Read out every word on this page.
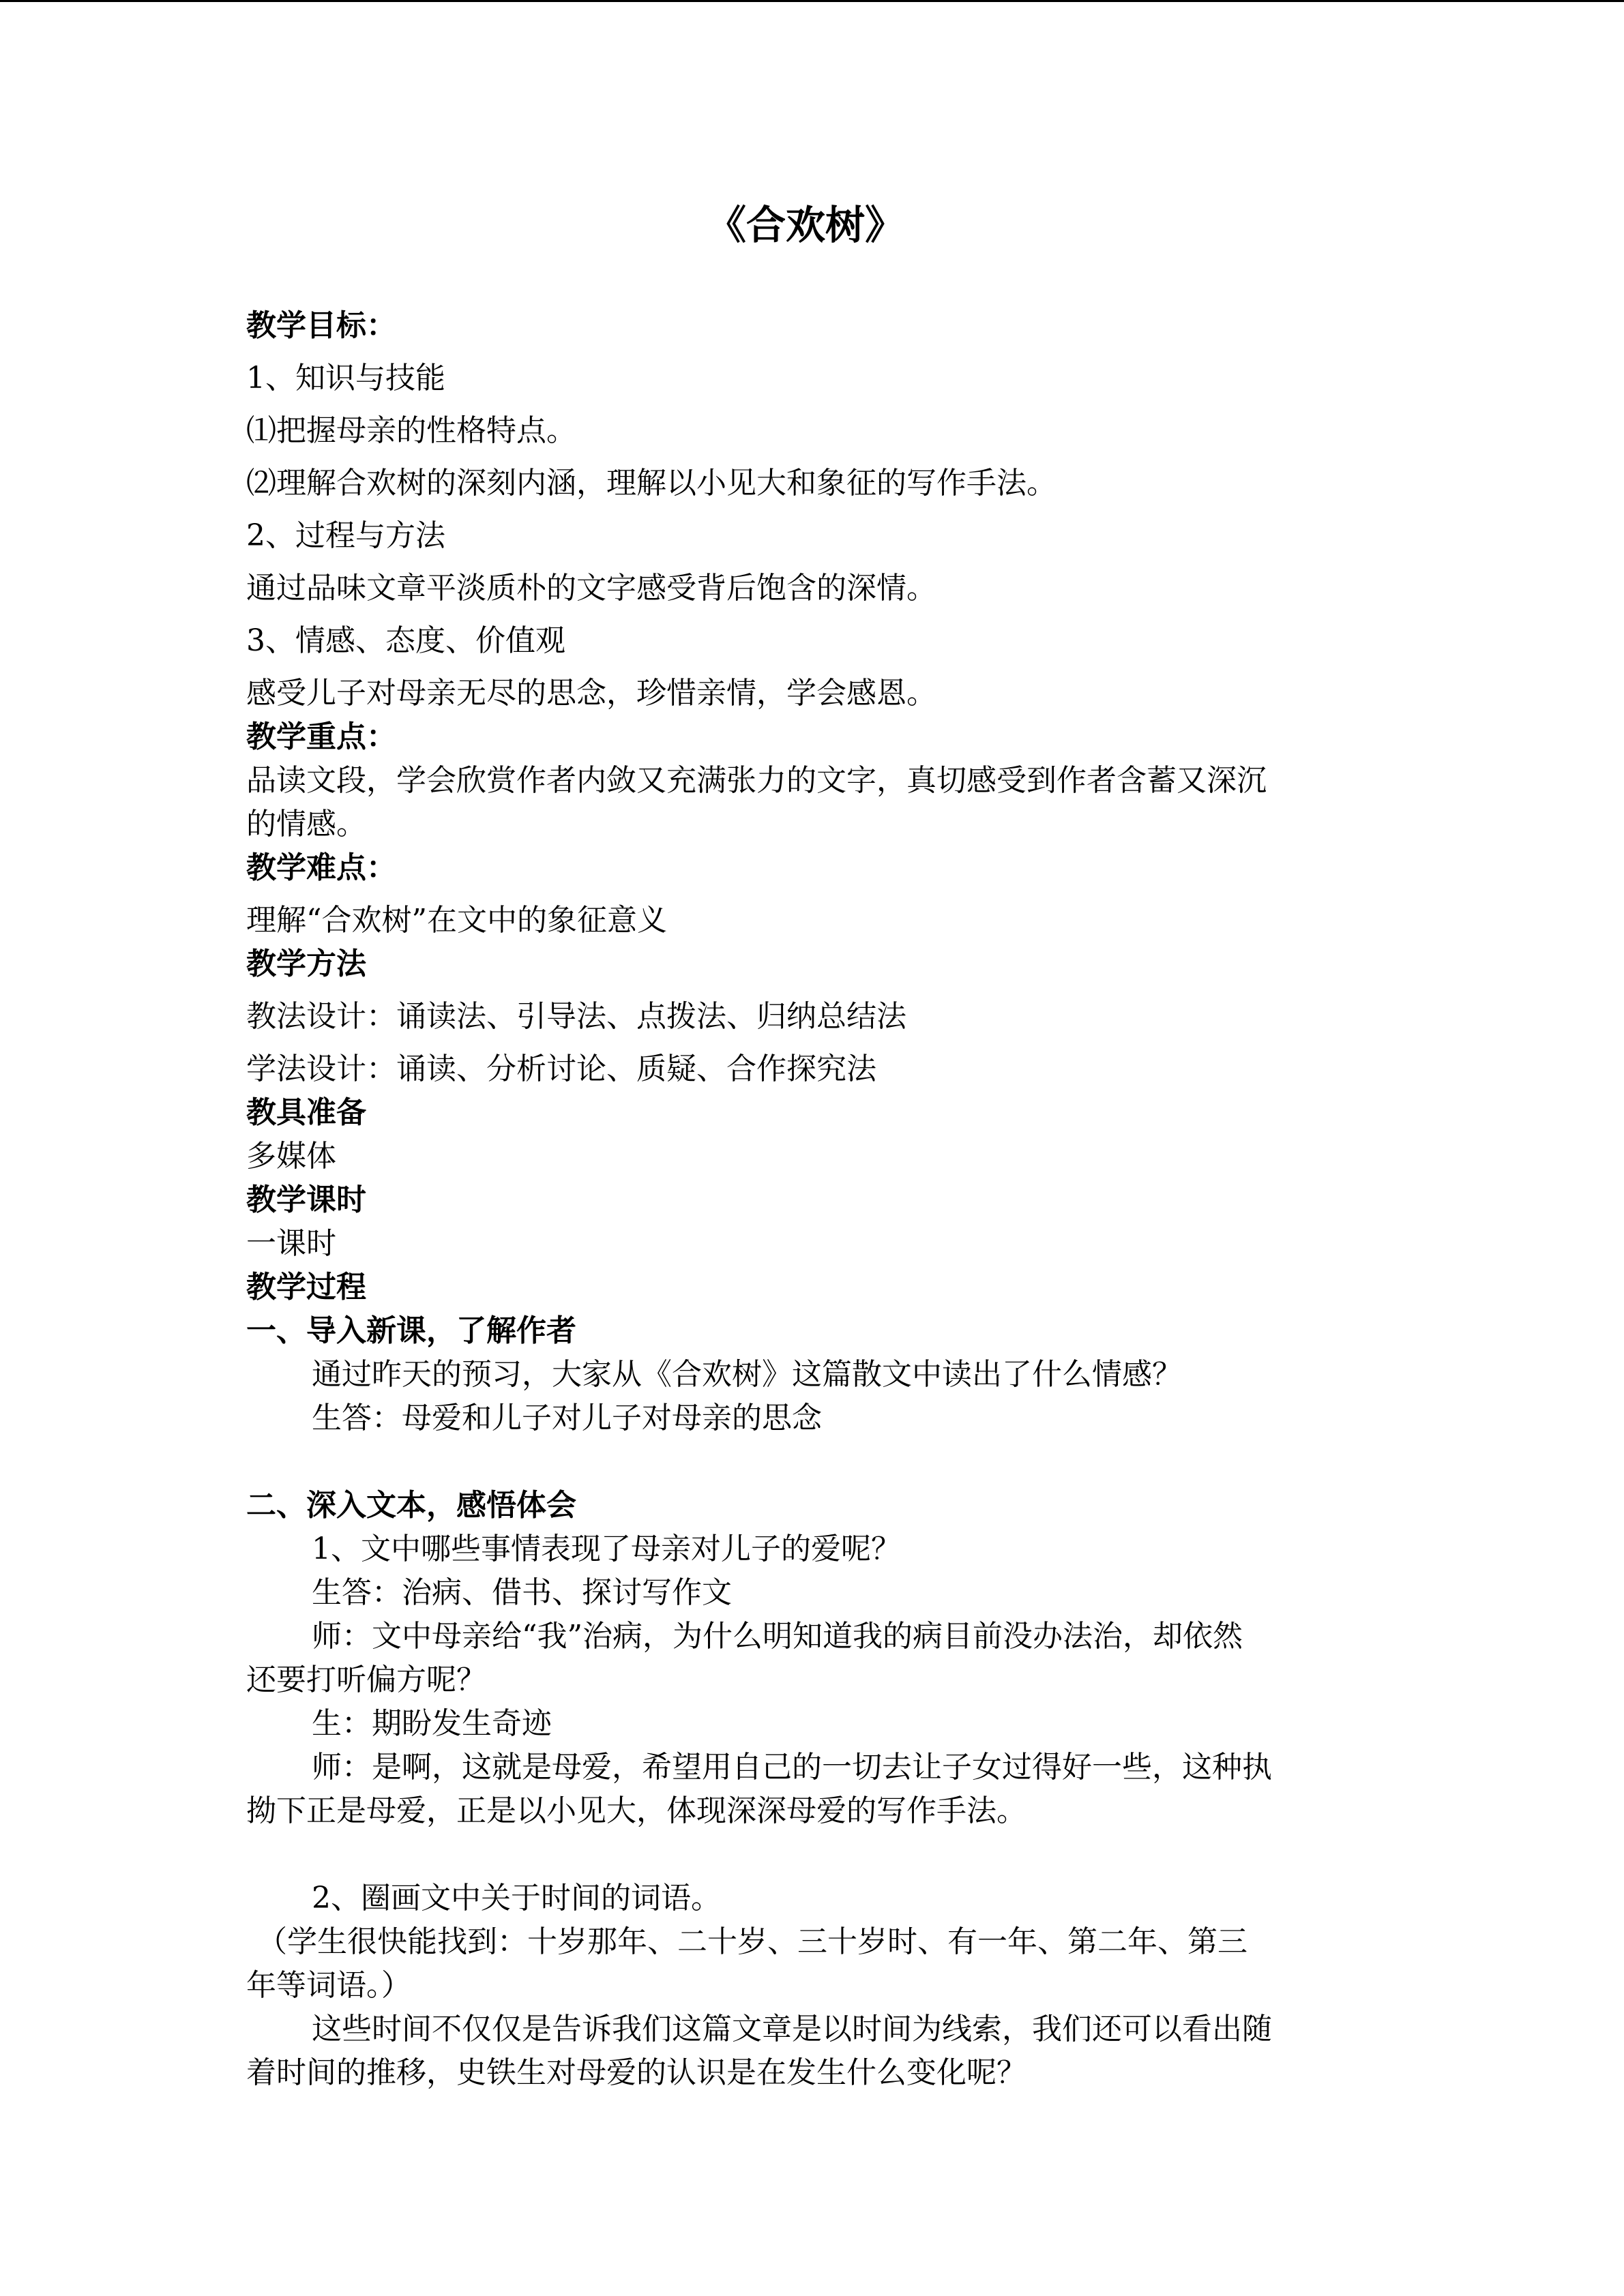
《合欢树》

教学目标：

1、知识与技能

⑴把握母亲的性格特点。

⑵理解合欢树的深刻内涵，理解以小见大和象征的写作手法。

2、过程与方法

通过品味文章平淡质朴的文字感受背后饱含的深情。

3、情感、态度、价值观

感受儿子对母亲无尽的思念，珍惜亲情，学会感恩。

教学重点：

品读文段，学会欣赏作者内敛又充满张力的文字，真切感受到作者含蓄又深沉

的情感。

教学难点：

理解“合欢树”在文中的象征意义

教学方法

教法设计：诵读法、引导法、点拨法、归纳总结法

学法设计：诵读、分析讨论、质疑、合作探究法

教具准备

多媒体

教学课时

一课时

教学过程

一、导入新课，了解作者

通过昨天的预习，大家从《合欢树》这篇散文中读出了什么情感？

生答：母爱和儿子对儿子对母亲的思念

二、深入文本，感悟体会

1、文中哪些事情表现了母亲对儿子的爱呢？

生答：治病、借书、探讨写作文

师：文中母亲给“我”治病，为什么明知道我的病目前没办法治，却依然

还要打听偏方呢？

生：期盼发生奇迹

师：是啊，这就是母爱，希望用自己的一切去让子女过得好一些，这种执

拗下正是母爱，正是以小见大，体现深深母爱的写作手法。

2、圈画文中关于时间的词语。

（学生很快能找到：十岁那年、二十岁、三十岁时、有一年、第二年、第三

年等词语。）

这些时间不仅仅是告诉我们这篇文章是以时间为线索，我们还可以看出随

着时间的推移，史铁生对母爱的认识是在发生什么变化呢？
